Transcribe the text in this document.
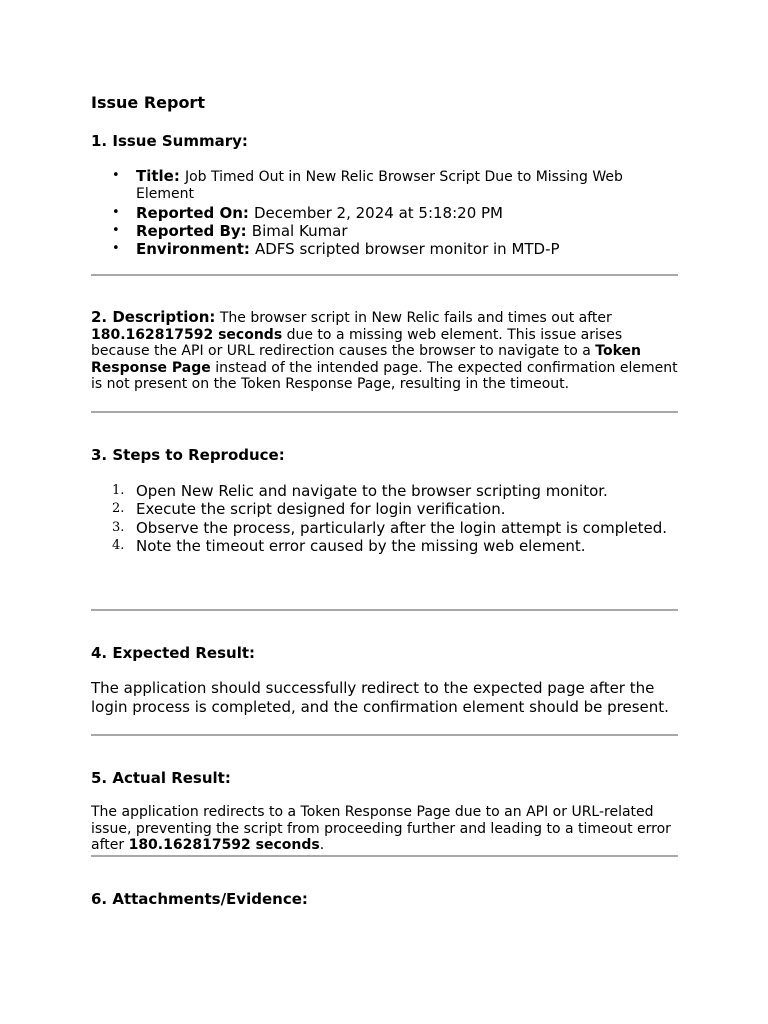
Issue Report
1. Issue Summary:
• Title: Job Timed Out in New Relic Browser Script Due to Missing Web Element
• Reported On: December 2, 2024 at 5:18:20 PM
• Reported By: Bimal Kumar
• Environment: ADFS scripted browser monitor in MTD-P

2. Description: The browser script in New Relic fails and times out after 180.162817592 seconds due to a missing web element. This issue arises because the API or URL redirection causes the browser to navigate to a Token Response Page instead of the intended page. The expected confirmation element is not present on the Token Response Page, resulting in the timeout.

3. Steps to Reproduce:
1. Open New Relic and navigate to the browser scripting monitor.
2. Execute the script designed for login verification.
3. Observe the process, particularly after the login attempt is completed.
4. Note the timeout error caused by the missing web element.
4. Expected Result:

The application should successfully redirect to the expected page after the login process is completed, and the confirmation element should be present.

5. Actual Result:

The application redirects to a Token Response Page due to an API or URL-related issue, preventing the script from proceeding further and leading to a timeout error after 180.162817592 seconds.

6. Attachments/Evidence:
